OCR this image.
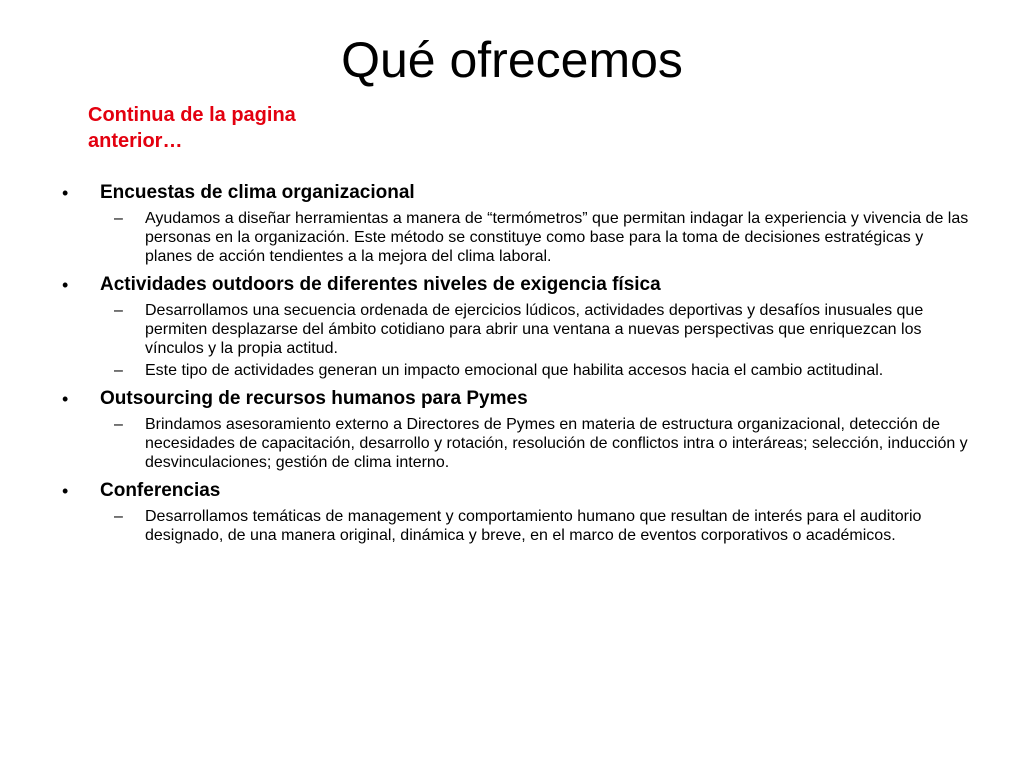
Qué ofrecemos

Continua de la pagina anterior…

• Encuestas de clima organizacional
– Ayudamos a diseñar herramientas a manera de “termómetros” que permitan indagar la experiencia y vivencia de las personas en la organización. Este método se constituye como base para la toma de decisiones estratégicas y planes de acción tendientes a la mejora del clima laboral.
• Actividades outdoors de diferentes niveles de exigencia física
– Desarrollamos una secuencia ordenada de ejercicios lúdicos, actividades deportivas y desafíos inusuales que permiten desplazarse del ámbito cotidiano para abrir una ventana a nuevas perspectivas que enriquezcan los vínculos y la propia actitud.
– Este tipo de actividades generan un impacto emocional que habilita accesos hacia el cambio actitudinal.
• Outsourcing de recursos humanos para Pymes
– Brindamos asesoramiento externo a Directores de Pymes en materia de estructura organizacional, detección de necesidades de capacitación, desarrollo y rotación, resolución de conflictos intra o interáreas; selección, inducción y desvinculaciones; gestión de clima interno.
• Conferencias
– Desarrollamos temáticas de management y comportamiento humano que resultan de interés para el auditorio designado, de una manera original, dinámica y breve, en el marco de eventos corporativos o académicos.
